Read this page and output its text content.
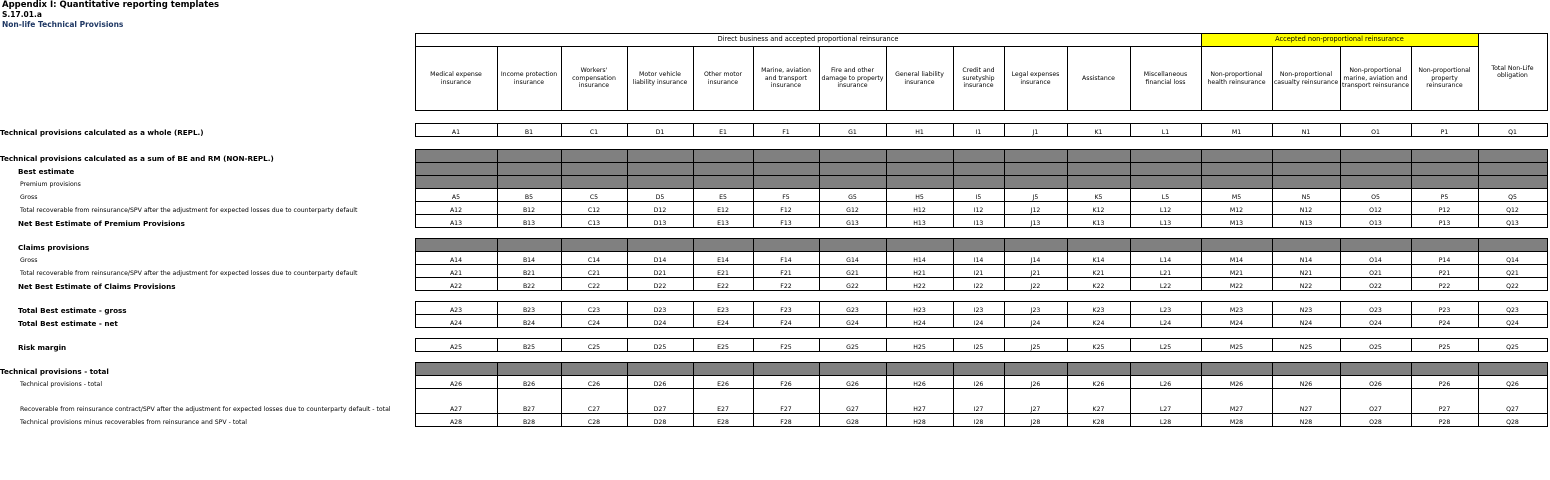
Appendix I: Quantitative reporting templates
S.17.01.a
Non-life Technical Provisions
	Direct business and accepted proportional reinsurance												Accepted non-proportional reinsurance				Total Non-Life obligation
	Medical expense insurance	Income protection insurance	Workers' compensation insurance	Motor vehicle liability insurance	Other motor insurance	Marine, aviation and transport insurance	Fire and other damage to property insurance	General liability insurance	Credit and suretyship insurance	Legal expenses insurance	Assistance	Miscellaneous financial loss	Non-proportional health reinsurance	Non-proportional casualty reinsurance	Non-proportional marine, aviation and transport reinsurance	Non-proportional property reinsurance	

Technical provisions calculated as a whole (REPL.)	A1	B1	C1	D1	E1	F1	G1	H1	I1	J1	K1	L1	M1	N1	O1	P1	Q1

Technical provisions calculated as a sum of BE and RM (NON-REPL.)																	
Best estimate																	
Premium provisions																	
Gross	A5	B5	C5	D5	E5	F5	G5	H5	I5	J5	K5	L5	M5	N5	O5	P5	Q5
Total recoverable from reinsurance/SPV after the adjustment for expected losses due to counterparty default	A12	B12	C12	D12	E12	F12	G12	H12	I12	J12	K12	L12	M12	N12	O12	P12	Q12
Net Best Estimate of Premium Provisions	A13	B13	C13	D13	E13	F13	G13	H13	I13	J13	K13	L13	M13	N13	O13	P13	Q13

Claims provisions																	
Gross	A14	B14	C14	D14	E14	F14	G14	H14	I14	J14	K14	L14	M14	N14	O14	P14	Q14
Total recoverable from reinsurance/SPV after the adjustment for expected losses due to counterparty default	A21	B21	C21	D21	E21	F21	G21	H21	I21	J21	K21	L21	M21	N21	O21	P21	Q21
Net Best Estimate of Claims Provisions	A22	B22	C22	D22	E22	F22	G22	H22	I22	J22	K22	L22	M22	N22	O22	P22	Q22

Total Best estimate - gross	A23	B23	C23	D23	E23	F23	G23	H23	I23	J23	K23	L23	M23	N23	O23	P23	Q23
Total Best estimate - net	A24	B24	C24	D24	E24	F24	G24	H24	I24	J24	K24	L24	M24	N24	O24	P24	Q24

Risk margin	A25	B25	C25	D25	E25	F25	G25	H25	I25	J25	K25	L25	M25	N25	O25	P25	Q25

Technical provisions - total																	
Technical provisions - total	A26	B26	C26	D26	E26	F26	G26	H26	I26	J26	K26	L26	M26	N26	O26	P26	Q26
Recoverable from reinsurance contract/SPV after the adjustment for expected losses due to counterparty default - total	A27	B27	C27	D27	E27	F27	G27	H27	I27	J27	K27	L27	M27	N27	O27	P27	Q27
Technical provisions minus recoverables from reinsurance and SPV - total	A28	B28	C28	D28	E28	F28	G28	H28	I28	J28	K28	L28	M28	N28	O28	P28	Q28
